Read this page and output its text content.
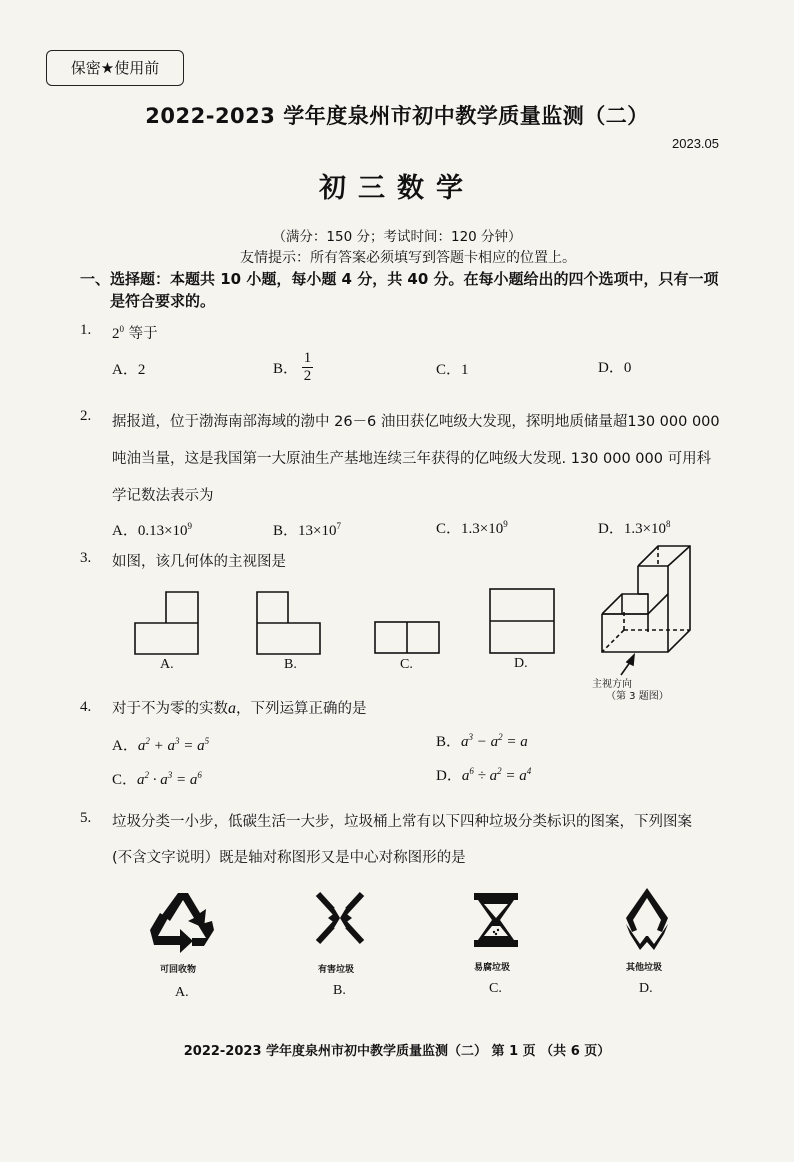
保密★使用前
2022-2023 学年度泉州市初中教学质量监测（二）
2023.05
初三数学
（满分：150 分；考试时间：120 分钟）
友情提示：所有答案必须填写到答题卡相应的位置上。
一、选择题：本题共 10 小题，每小题 4 分，共 40 分。在每小题给出的四个选项中，只有一项
是符合要求的。
1. $2^0$ 等于
A．2	B． $\frac{1}{2}$	C．1	D．0
2. 据报道，位于渤海南部海域的渤中 26－6 油田获亿吨级大发现，探明地质储量超130 000 000
吨油当量，这是我国第一大原油生产基地连续三年获得的亿吨级大发现. 130 000 000 可用科
学记数法表示为
A．$0.13\times 10^9$	B．$13\times 10^7$	C．$1.3\times 10^9$	D．$1.3\times 10^8$
3. 如图，该几何体的主视图是
A.	B.	C.	D.
主视方向
（第 3 题图）
4. 对于不为零的实数a，下列运算正确的是
A．$a^2 + a^3 = a^5$	B．$a^3 - a^2 = a$
C．$a^2 \cdot a^3 = a^6$	D．$a^6 \div a^2 = a^4$
5. 垃圾分类一小步，低碳生活一大步，垃圾桶上常有以下四种垃圾分类标识的图案，下列图案
(不含文字说明）既是轴对称图形又是中心对称图形的是
可回收物	有害垃圾	易腐垃圾	其他垃圾
A.	B.	C.	D.
2022-2023 学年度泉州市初中教学质量监测（二） 第 1 页 （共 6 页）
